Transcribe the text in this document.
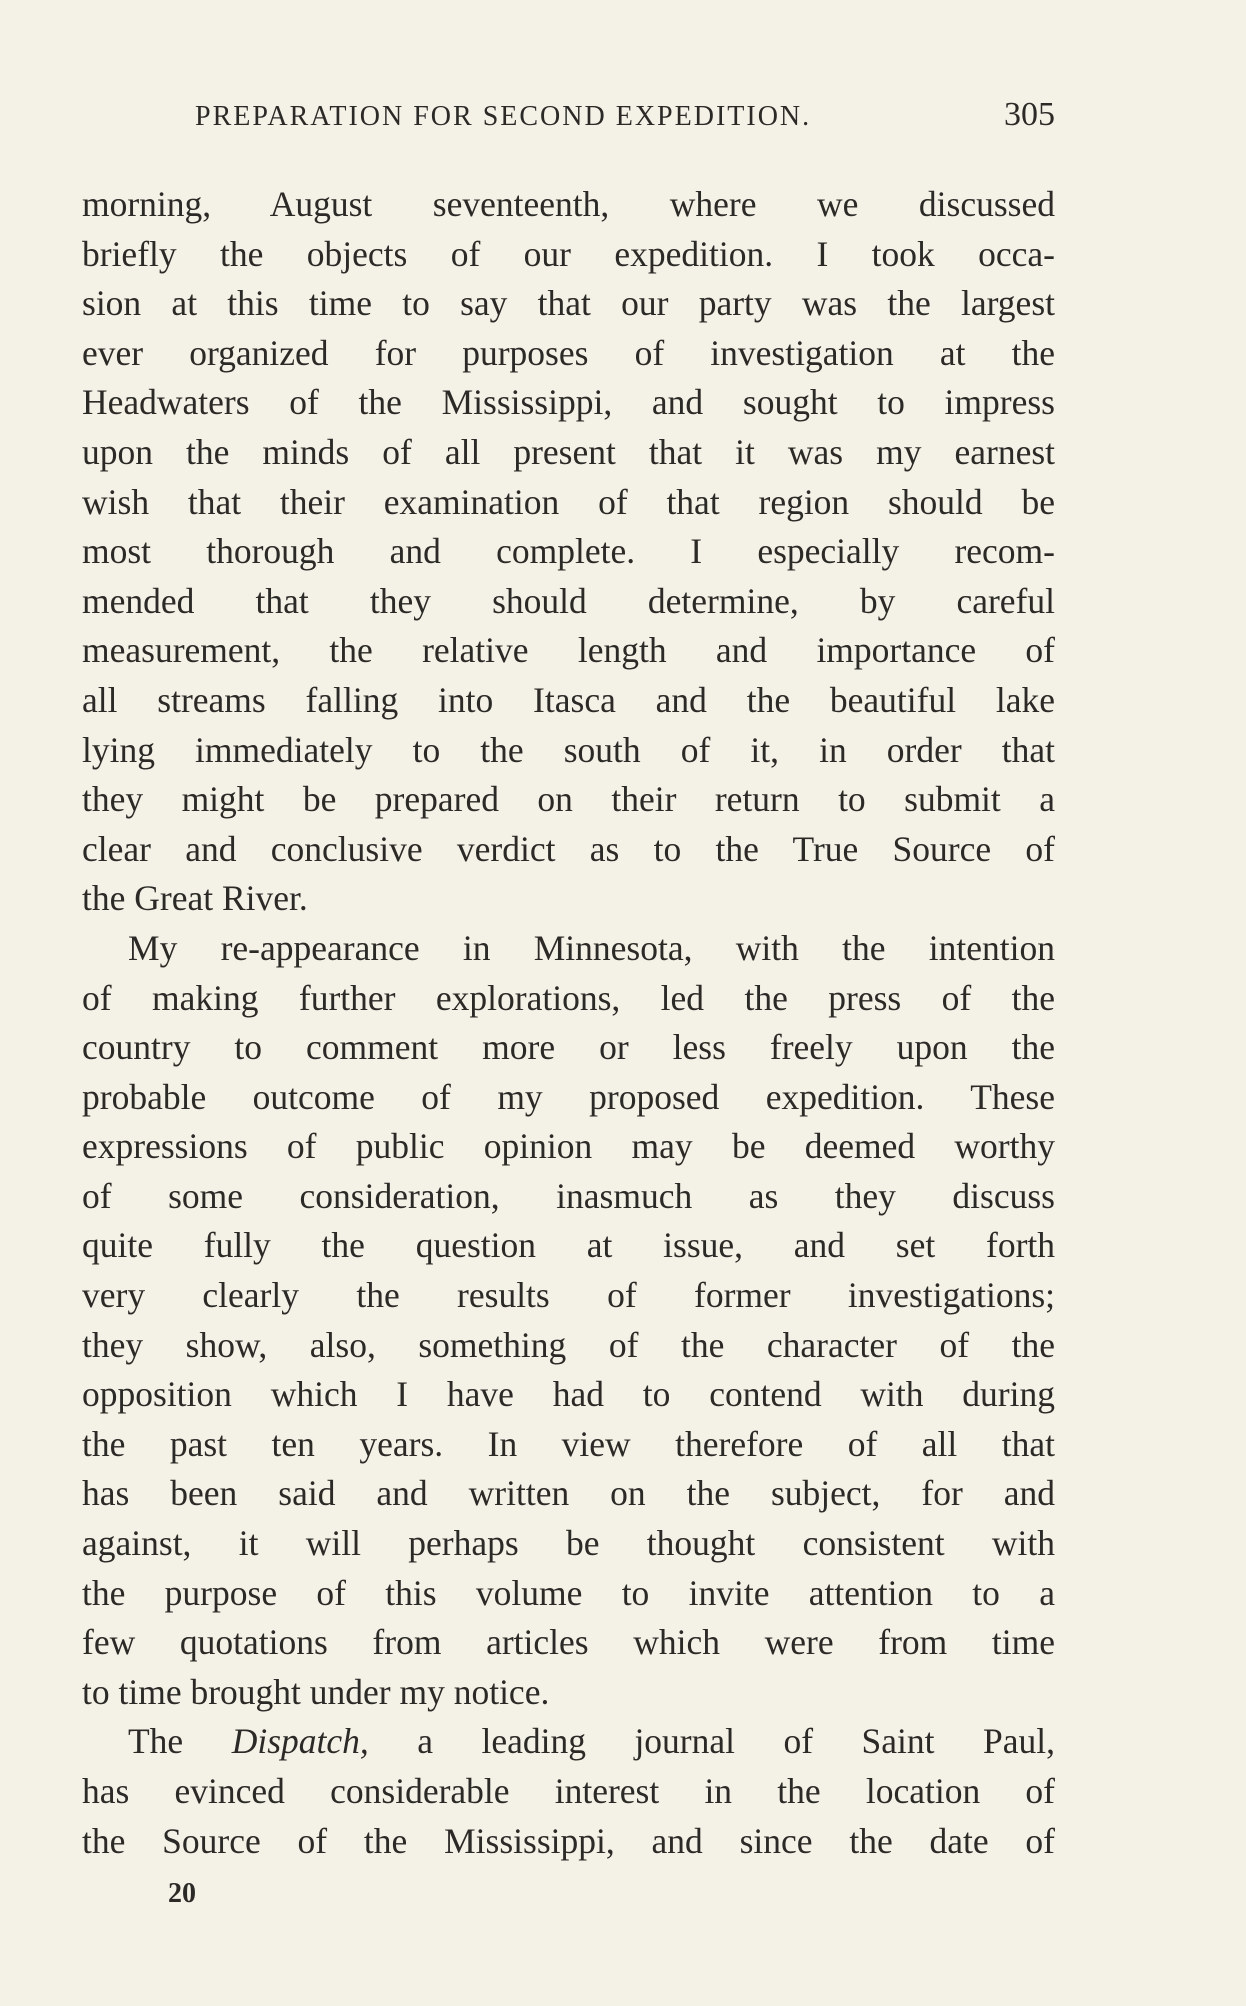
PREPARATION FOR SECOND EXPEDITION.	305
morning, August seventeenth, where we discussed
briefly the objects of our expedition. I took occa-
sion at this time to say that our party was the largest
ever organized for purposes of investigation at the
Headwaters of the Mississippi, and sought to impress
upon the minds of all present that it was my earnest
wish that their examination of that region should be
most thorough and complete. I especially recom-
mended that they should determine, by careful
measurement, the relative length and importance of
all streams falling into Itasca and the beautiful lake
lying immediately to the south of it, in order that
they might be prepared on their return to submit a
clear and conclusive verdict as to the True Source of
the Great River.
My re-appearance in Minnesota, with the intention
of making further explorations, led the press of the
country to comment more or less freely upon the
probable outcome of my proposed expedition. These
expressions of public opinion may be deemed worthy
of some consideration, inasmuch as they discuss
quite fully the question at issue, and set forth
very clearly the results of former investigations;
they show, also, something of the character of the
opposition which I have had to contend with during
the past ten years. In view therefore of all that
has been said and written on the subject, for and
against, it will perhaps be thought consistent with
the purpose of this volume to invite attention to a
few quotations from articles which were from time
to time brought under my notice.
The Dispatch, a leading journal of Saint Paul,
has evinced considerable interest in the location of
the Source of the Mississippi, and since the date of
20
